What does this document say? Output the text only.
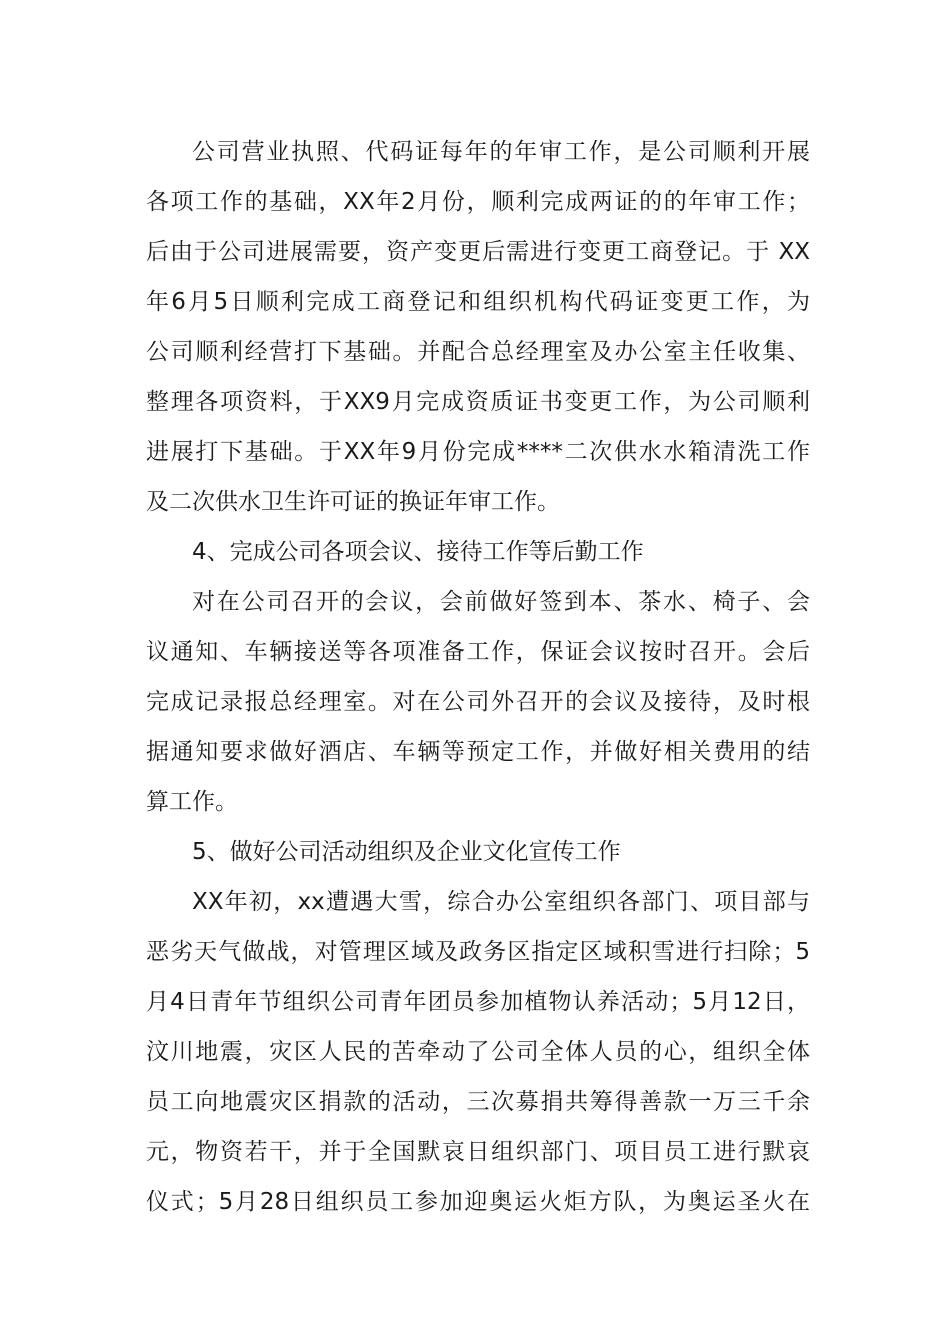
公司营业执照、代码证每年的年审工作，是公司顺利开展
各项工作的基础，XX年2月份，顺利完成两证的的年审工作；
后由于公司进展需要，资产变更后需进行变更工商登记。于 XX
年6月5日顺利完成工商登记和组织机构代码证变更工作，为
公司顺利经营打下基础。并配合总经理室及办公室主任收集、
整理各项资料，于XX9月完成资质证书变更工作，为公司顺利
进展打下基础。于XX年9月份完成****二次供水水箱清洗工作
及二次供水卫生许可证的换证年审工作。
4、完成公司各项会议、接待工作等后勤工作
对在公司召开的会议，会前做好签到本、茶水、椅子、会
议通知、车辆接送等各项准备工作，保证会议按时召开。会后
完成记录报总经理室。对在公司外召开的会议及接待，及时根
据通知要求做好酒店、车辆等预定工作，并做好相关费用的结
算工作。
5、做好公司活动组织及企业文化宣传工作
XX年初，xx遭遇大雪，综合办公室组织各部门、项目部与
恶劣天气做战，对管理区域及政务区指定区域积雪进行扫除；5
月4日青年节组织公司青年团员参加植物认养活动；5月12日，
汶川地震，灾区人民的苦牵动了公司全体人员的心，组织全体
员工向地震灾区捐款的活动，三次募捐共筹得善款一万三千余
元，物资若干，并于全国默哀日组织部门、项目员工进行默哀
仪式；5月28日组织员工参加迎奥运火炬方队，为奥运圣火在
